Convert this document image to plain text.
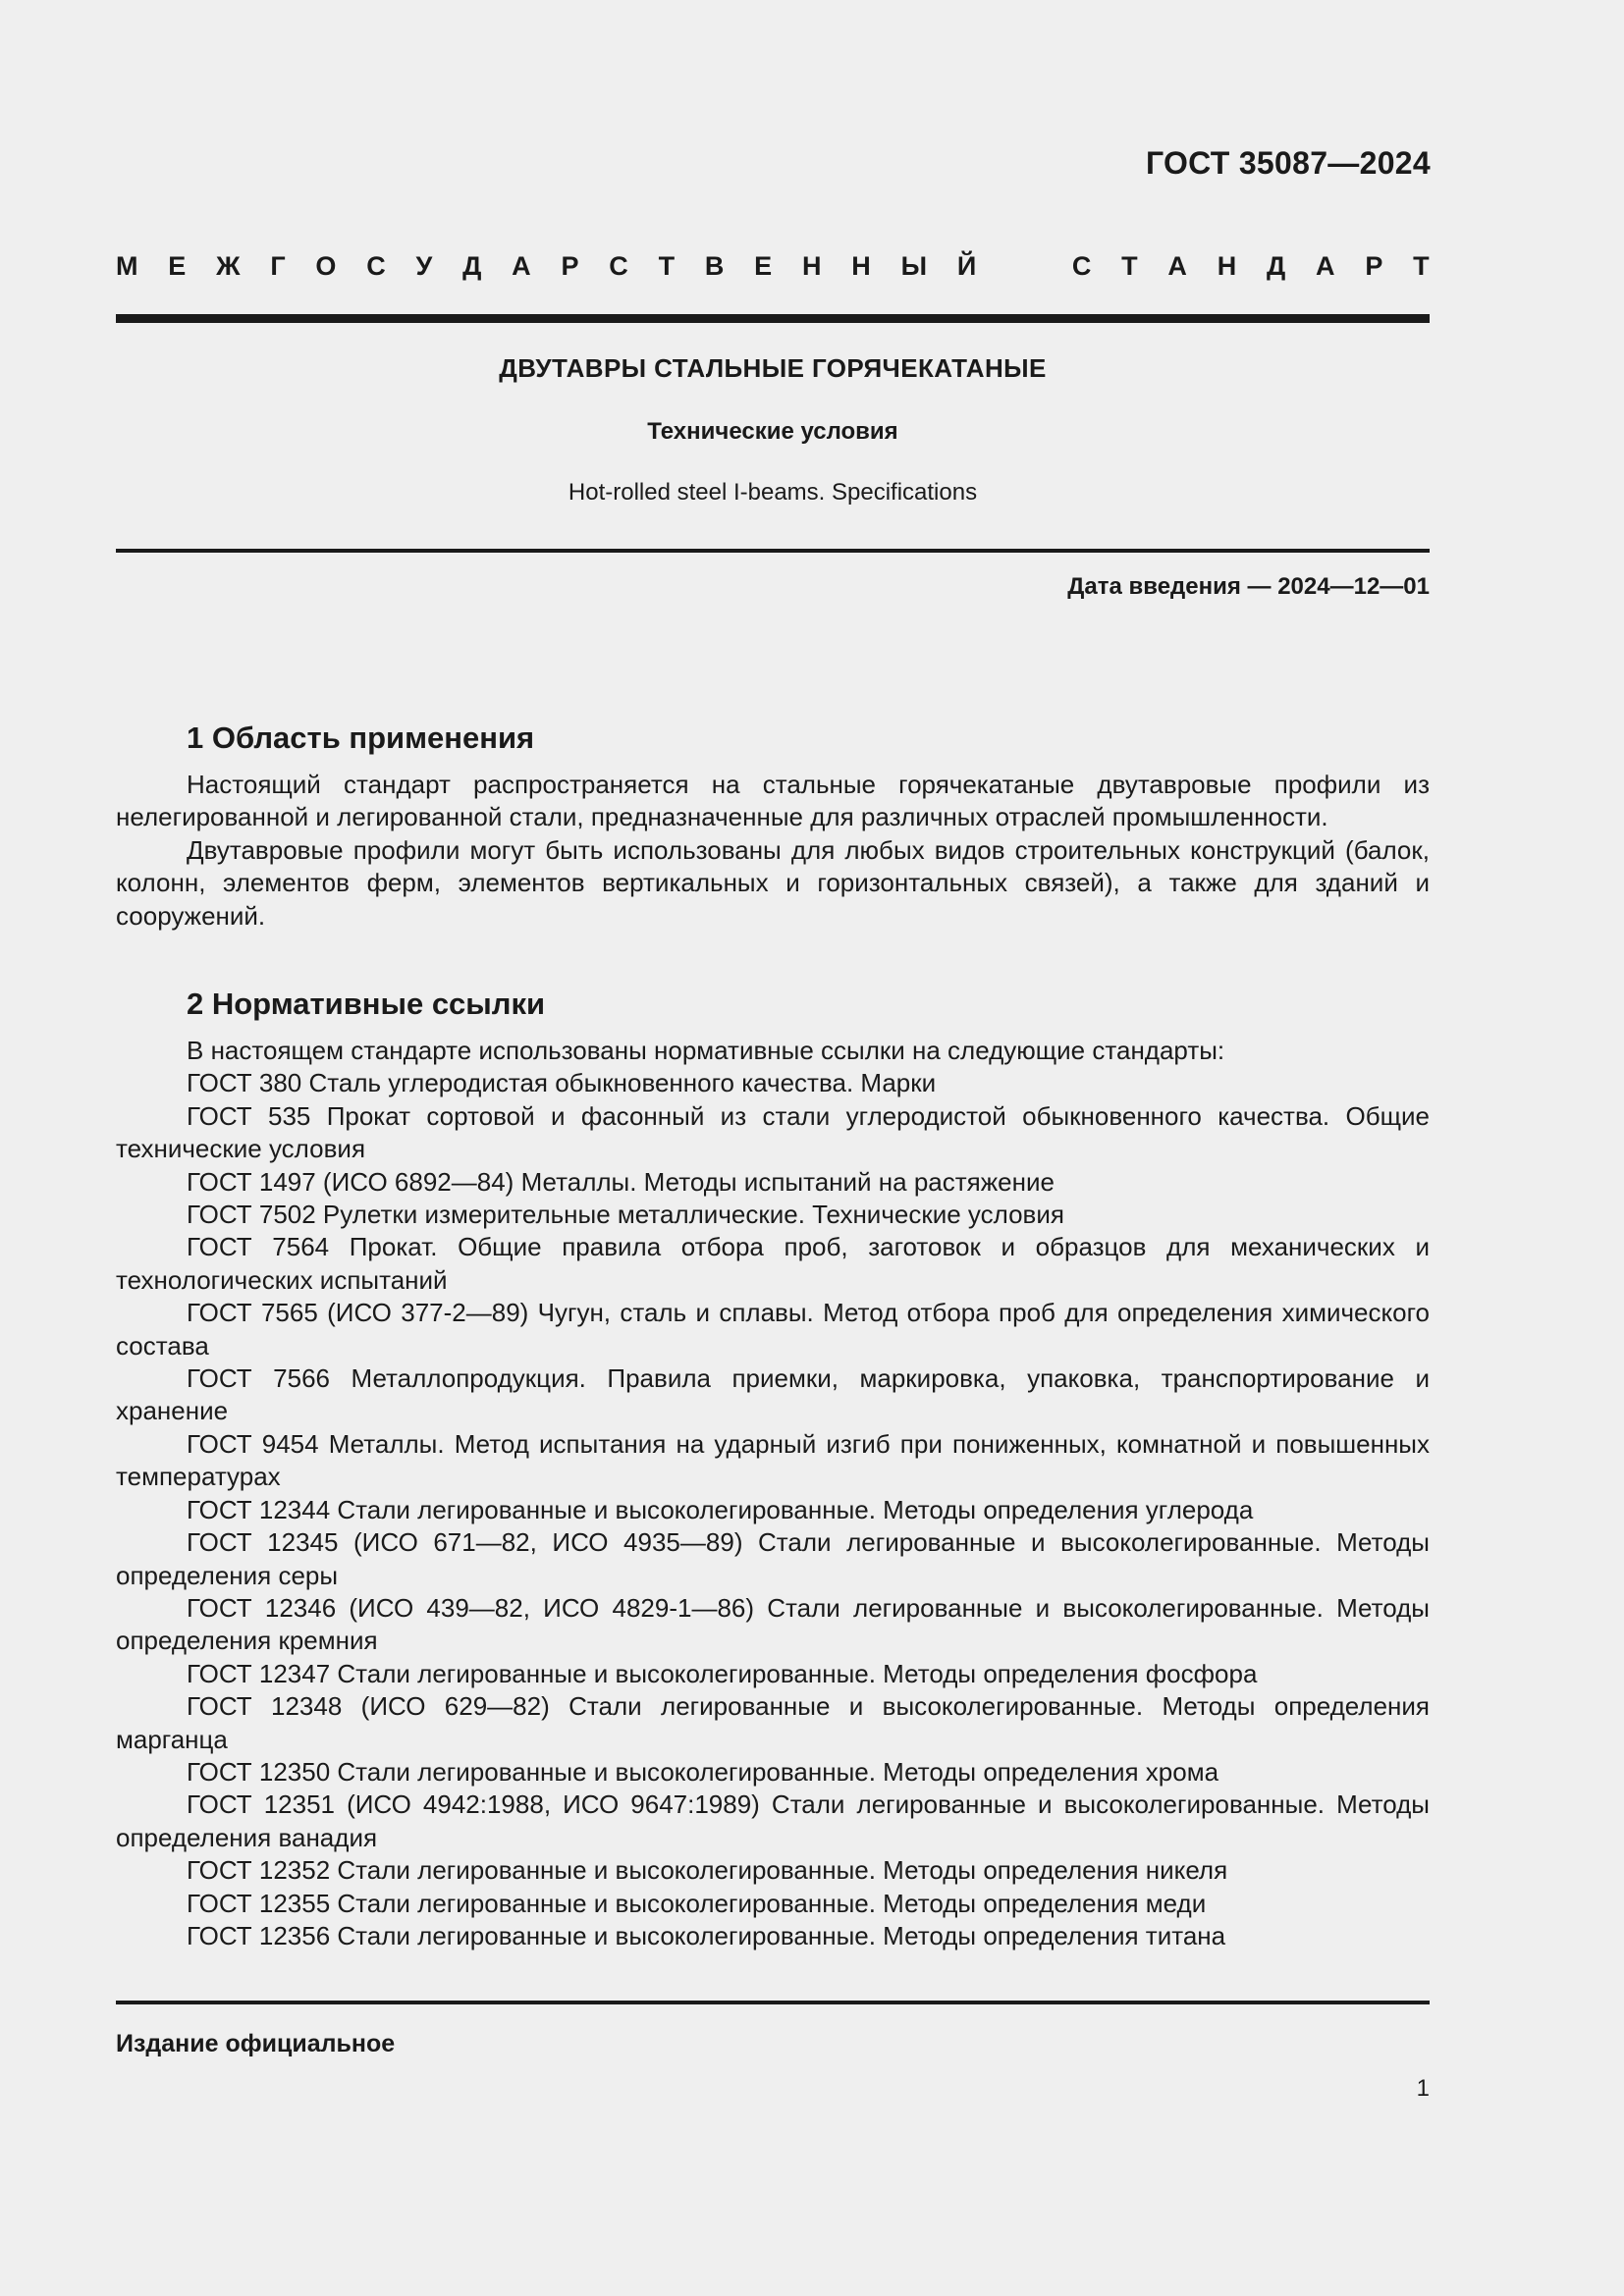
ГОСТ 35087—2024
М Е Ж Г О С У Д А Р С Т В Е Н Н Ы Й	С Т А Н Д А Р Т
ДВУТАВРЫ СТАЛЬНЫЕ ГОРЯЧЕКАТАНЫЕ
Технические условия
Hot-rolled steel I-beams. Specifications
Дата введения — 2024—12—01
1 Область применения

Настоящий стандарт распространяется на стальные горячекатаные двутавровые профили из нелегированной и легированной стали, предназначенные для различных отраслей промышленности.

Двутавровые профили могут быть использованы для любых видов строительных конструкций (балок, колонн, элементов ферм, элементов вертикальных и горизонтальных связей), а также для зданий и сооружений.

2 Нормативные ссылки
В настоящем стандарте использованы нормативные ссылки на следующие стандарты:
ГОСТ 380 Сталь углеродистая обыкновенного качества. Марки
ГОСТ 535 Прокат сортовой и фасонный из стали углеродистой обыкновенного качества. Общие технические условия
ГОСТ 1497 (ИСО 6892—84) Металлы. Методы испытаний на растяжение
ГОСТ 7502 Рулетки измерительные металлические. Технические условия
ГОСТ 7564 Прокат. Общие правила отбора проб, заготовок и образцов для механических и технологических испытаний
ГОСТ 7565 (ИСО 377-2—89) Чугун, сталь и сплавы. Метод отбора проб для определения химического состава
ГОСТ 7566 Металлопродукция. Правила приемки, маркировка, упаковка, транспортирование и хранение
ГОСТ 9454 Металлы. Метод испытания на ударный изгиб при пониженных, комнатной и повышенных температурах
ГОСТ 12344 Стали легированные и высоколегированные. Методы определения углерода
ГОСТ 12345 (ИСО 671—82, ИСО 4935—89) Стали легированные и высоколегированные. Методы определения серы
ГОСТ 12346 (ИСО 439—82, ИСО 4829-1—86) Стали легированные и высоколегированные. Методы определения кремния
ГОСТ 12347 Стали легированные и высоколегированные. Методы определения фосфора
ГОСТ 12348 (ИСО 629—82) Стали легированные и высоколегированные. Методы определения марганца
ГОСТ 12350 Стали легированные и высоколегированные. Методы определения хрома
ГОСТ 12351 (ИСО 4942:1988, ИСО 9647:1989) Стали легированные и высоколегированные. Методы определения ванадия
ГОСТ 12352 Стали легированные и высоколегированные. Методы определения никеля
ГОСТ 12355 Стали легированные и высоколегированные. Методы определения меди
ГОСТ 12356 Стали легированные и высоколегированные. Методы определения титана
Издание официальное
1
